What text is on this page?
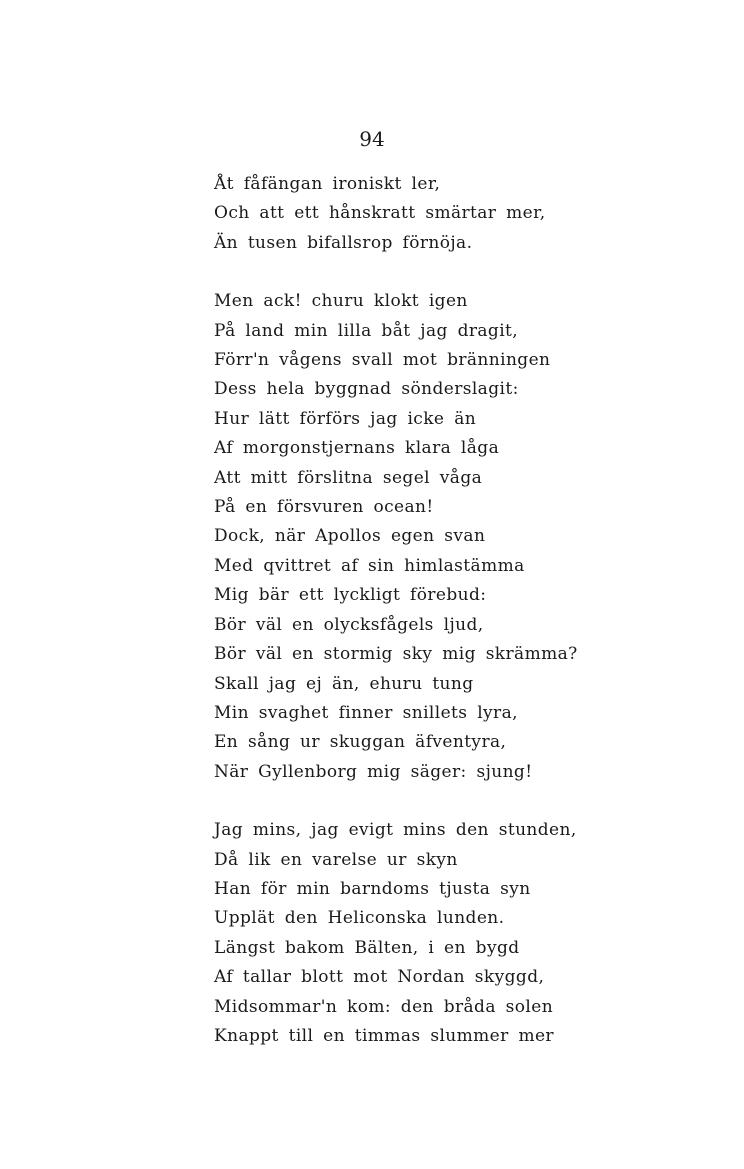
94
Åt fåfängan ironiskt ler,
Och att ett hånskratt smärtar mer,
Än tusen bifallsrop förnöja.
Men ack! churu klokt igen
På land min lilla båt jag dragit,
Förr'n vågens svall mot bränningen
Dess hela byggnad sönderslagit:
Hur lätt förförs jag icke än
Af morgonstjernans klara låga
Att mitt förslitna segel våga
På en försvuren ocean!
Dock, när Apollos egen svan
Med qvittret af sin himlastämma
Mig bär ett lyckligt förebud:
Bör väl en olycksfågels ljud,
Bör väl en stormig sky mig skrämma?
Skall jag ej än, ehuru tung
Min svaghet finner snillets lyra,
En sång ur skuggan äfventyra,
När Gyllenborg mig säger: sjung!
Jag mins, jag evigt mins den stunden,
Då lik en varelse ur skyn
Han för min barndoms tjusta syn
Upplät den Heliconska lunden.
Längst bakom Bälten, i en bygd
Af tallar blott mot Nordan skyggd,
Midsommar'n kom: den bråda solen
Knappt till en timmas slummer mer
